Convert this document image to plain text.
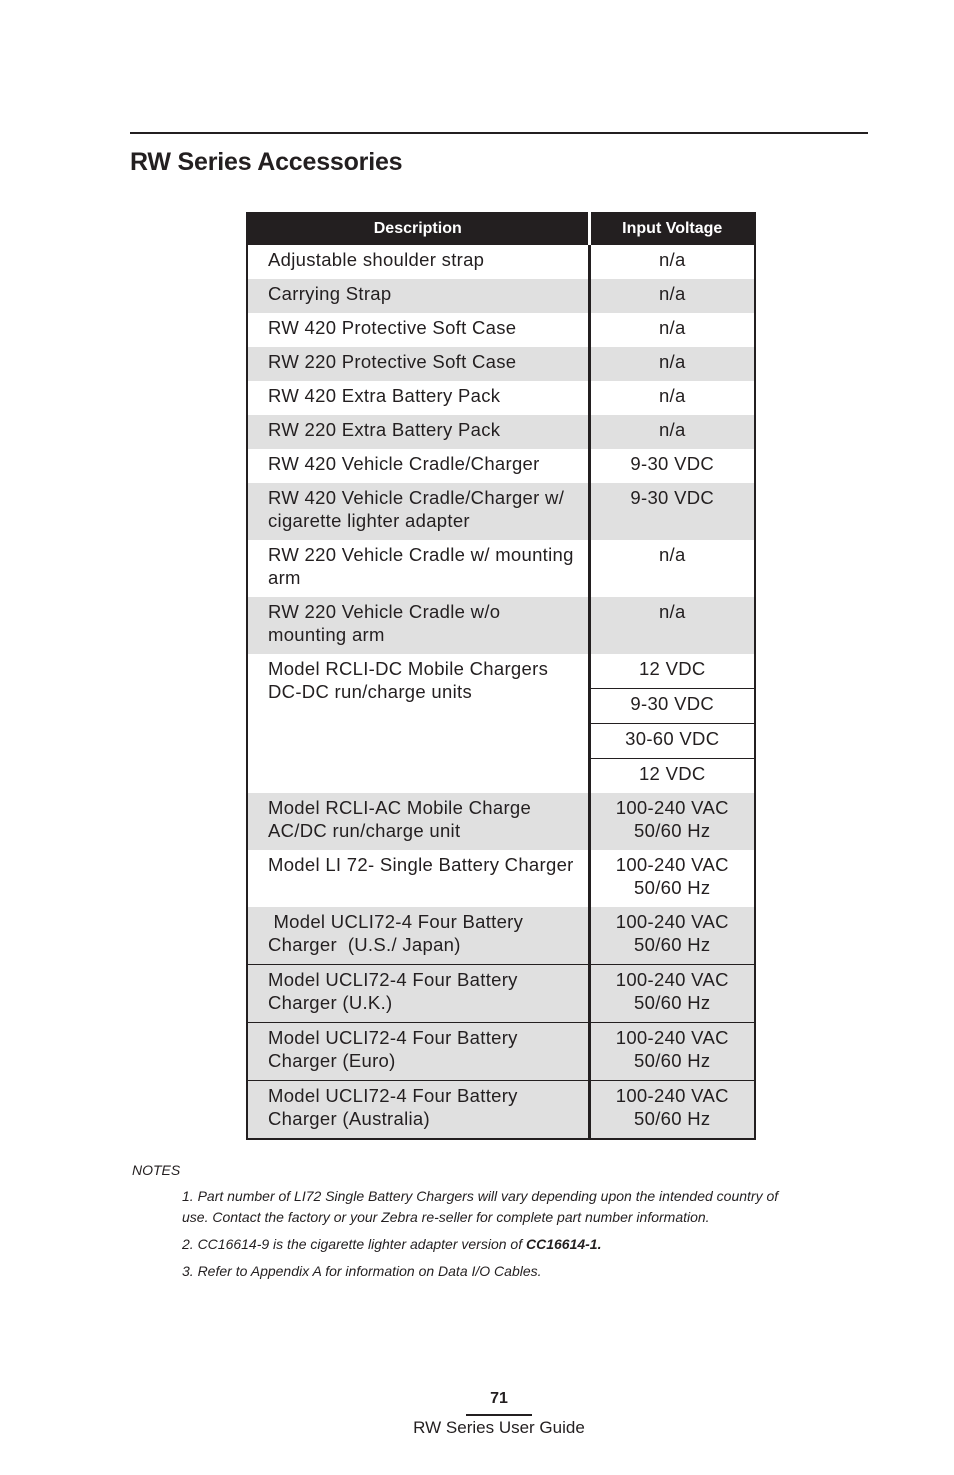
RW Series Accessories
Description	Input Voltage
Adjustable shoulder strap	n/a
Carrying Strap	n/a
RW 420 Protective Soft Case	n/a
RW 220 Protective Soft Case	n/a
RW 420 Extra Battery Pack	n/a
RW 220 Extra Battery Pack	n/a
RW 420 Vehicle Cradle/Charger	9-30 VDC
RW 420 Vehicle Cradle/Charger w/ cigarette lighter adapter	9-30 VDC
RW 220 Vehicle Cradle w/ mounting arm	n/a
RW 220 Vehicle Cradle w/o mounting arm	n/a
Model RCLI-DC Mobile Chargers DC-DC run/charge units	12 VDC
	9-30 VDC
	30-60 VDC
	12 VDC
Model RCLI-AC Mobile Charge AC/DC run/charge unit	100-240 VAC
50/60 Hz
Model LI 72- Single Battery Charger	100-240 VAC
50/60 Hz
Model UCLI72-4 Four Battery Charger  (U.S./ Japan)	100-240 VAC
50/60 Hz
Model UCLI72-4 Four Battery Charger (U.K.)	100-240 VAC
50/60 Hz
Model UCLI72-4 Four Battery Charger (Euro)	100-240 VAC
50/60 Hz
Model UCLI72-4 Four Battery Charger (Australia)	100-240 VAC
50/60 Hz

NOTES

1. Part number of LI72 Single Battery Chargers will vary depending upon the intended country of use. Contact the factory or your Zebra re-seller for complete part number information.

2. CC16614-9 is the cigarette lighter adapter version of CC16614-1.

3. Refer to Appendix A for information on Data I/O Cables.

71
RW Series User Guide
